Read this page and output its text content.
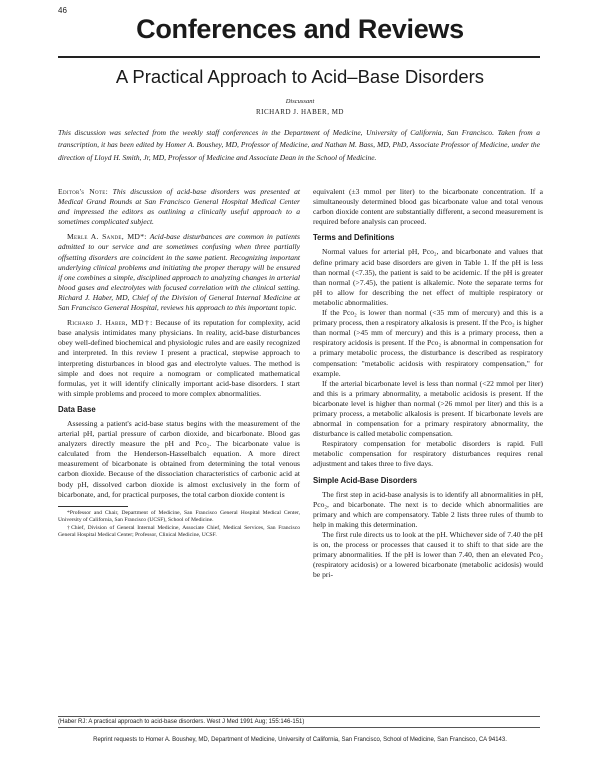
46
Conferences and Reviews
A Practical Approach to Acid–Base Disorders
Discussant
RICHARD J. HABER, MD
This discussion was selected from the weekly staff conferences in the Department of Medicine, University of California, San Francisco. Taken from a transcription, it has been edited by Homer A. Boushey, MD, Professor of Medicine, and Nathan M. Bass, MD, PhD, Associate Professor of Medicine, under the direction of Lloyd H. Smith, Jr, MD, Professor of Medicine and Associate Dean in the School of Medicine.

Editor's Note: This discussion of acid-base disorders was presented at Medical Grand Rounds at San Francisco General Hospital Medical Center and impressed the editors as outlining a clinically useful approach to a sometimes complicated subject.

Merle A. Sande, MD*: Acid-base disturbances are common in patients admitted to our service and are sometimes confusing when three partially offsetting disorders are coincident in the same patient. Recognizing important underlying clinical problems and initiating the proper therapy will be ensured if one combines a simple, disciplined approach to analyzing changes in arterial blood gases and electrolytes with focused correlation with the clinical setting. Richard J. Haber, MD, Chief of the Division of General Internal Medicine at San Francisco General Hospital, reviews his approach to this important topic.

Richard J. Haber, MD†: Because of its reputation for complexity, acid base analysis intimidates many physicians. In reality, acid-base disturbances obey well-defined biochemical and physiologic rules and are easily recognized and interpreted. In this review I present a practical, stepwise approach to interpreting disturbances in blood gas and electrolyte values. The method is simple and does not require a nomogram or complicated mathematical formulas, yet it will identify clinically important acid-base disorders. I start with simple problems and proceed to more complex abnormalities.

Data Base

Assessing a patient's acid-base status begins with the measurement of the arterial pH, partial pressure of carbon dioxide, and bicarbonate. Blood gas analyzers directly measure the pH and Pco₂. The bicarbonate value is calculated from the Henderson-Hasselbalch equation. A more direct measurement of bicarbonate is obtained from determining the total venous carbon dioxide. Because of the dissociation characteristics of carbonic acid at body pH, dissolved carbon dioxide is almost exclusively in the form of bicarbonate, and, for practical purposes, the total carbon dioxide content is

*Professor and Chair, Department of Medicine, San Francisco General Hospital Medical Center, University of California, San Francisco (UCSF), School of Medicine.

†Chief, Division of General Internal Medicine, Associate Chief, Medical Services, San Francisco General Hospital Medical Center; Professor, Clinical Medicine, UCSF.

equivalent (±3 mmol per liter) to the bicarbonate concentration. If a simultaneously determined blood gas bicarbonate value and total venous carbon dioxide content are substantially different, a second measurement is required before analysis can proceed.

Terms and Definitions

Normal values for arterial pH, Pco₂, and bicarbonate and values that define primary acid base disorders are given in Table 1. If the pH is less than normal (<7.35), the patient is said to be acidemic. If the pH is greater than normal (>7.45), the patient is alkalemic. Note the separate terms for pH to allow for describing the net effect of multiple respiratory or metabolic abnormalities.

If the Pco₂ is lower than normal (<35 mm of mercury) and this is a primary process, then a respiratory alkalosis is present. If the Pco₂ is higher than normal (>45 mm of mercury) and this is a primary process, then a respiratory acidosis is present. If the Pco₂ is abnormal in compensation for a primary metabolic process, the disturbance is described as respiratory compensation: "metabolic acidosis with respiratory compensation," for example.

If the arterial bicarbonate level is less than normal (<22 mmol per liter) and this is a primary abnormality, a metabolic acidosis is present. If the bicarbonate level is higher than normal (>26 mmol per liter) and this is a primary process, a metabolic alkalosis is present. If bicarbonate levels are abnormal in compensation for a primary respiratory abnormality, the disturbance is called metabolic compensation.

Respiratory compensation for metabolic disorders is rapid. Full metabolic compensation for respiratory disturbances requires renal adjustment and takes three to five days.

Simple Acid-Base Disorders

The first step in acid-base analysis is to identify all abnormalities in pH, Pco₂, and bicarbonate. The next is to decide which abnormalities are primary and which are compensatory. Table 2 lists three rules of thumb to help in making this determination.

The first rule directs us to look at the pH. Whichever side of 7.40 the pH is on, the process or processes that caused it to shift to that side are the primary abnormalities. If the pH is lower than 7.40, then an elevated Pco₂ (respiratory acidosis) or a lowered bicarbonate (metabolic acidosis) would be pri-

(Haber RJ: A practical approach to acid-base disorders. West J Med 1991 Aug; 155:146-151)
Reprint requests to Homer A. Boushey, MD, Department of Medicine, University of California, San Francisco, School of Medicine, San Francisco, CA 94143.
